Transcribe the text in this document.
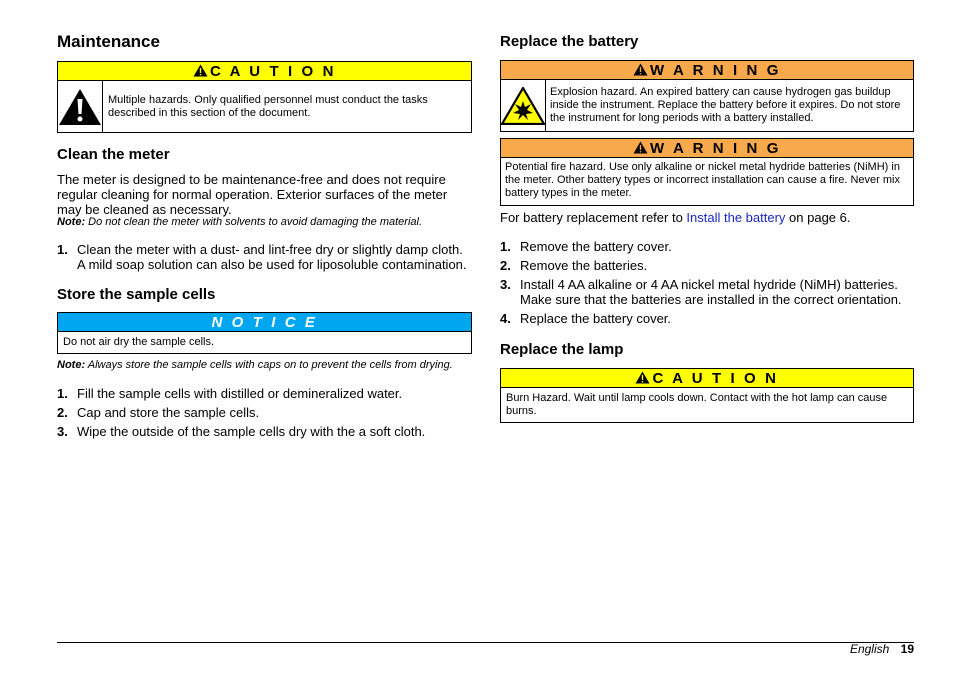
Maintenance
C A U T I O N
Multiple hazards. Only qualified personnel must conduct the tasks described in this section of the document.
Clean the meter

The meter is designed to be maintenance-free and does not require regular cleaning for normal operation. Exterior surfaces of the meter may be cleaned as necessary.

Note: Do not clean the meter with solvents to avoid damaging the material.

1. Clean the meter with a dust- and lint-free dry or slightly damp cloth. A mild soap solution can also be used for liposoluble contamination.
Store the sample cells
N O T I C E
Do not air dry the sample cells.

Note: Always store the sample cells with caps on to prevent the cells from drying.

1. Fill the sample cells with distilled or demineralized water.
2. Cap and store the sample cells.
3. Wipe the outside of the sample cells dry with the a soft cloth.
Replace the battery
W A R N I N G
Explosion hazard. An expired battery can cause hydrogen gas buildup inside the instrument. Replace the battery before it expires. Do not store the instrument for long periods with a battery installed.
W A R N I N G
Potential fire hazard. Use only alkaline or nickel metal hydride batteries (NiMH) in the meter. Other battery types or incorrect installation can cause a fire. Never mix battery types in the meter.

For battery replacement refer to Install the battery on page 6.

1. Remove the battery cover.
2. Remove the batteries.
3. Install 4 AA alkaline or 4 AA nickel metal hydride (NiMH) batteries. Make sure that the batteries are installed in the correct orientation.
4. Replace the battery cover.
Replace the lamp
C A U T I O N
Burn Hazard. Wait until lamp cools down. Contact with the hot lamp can cause burns.
English 19
